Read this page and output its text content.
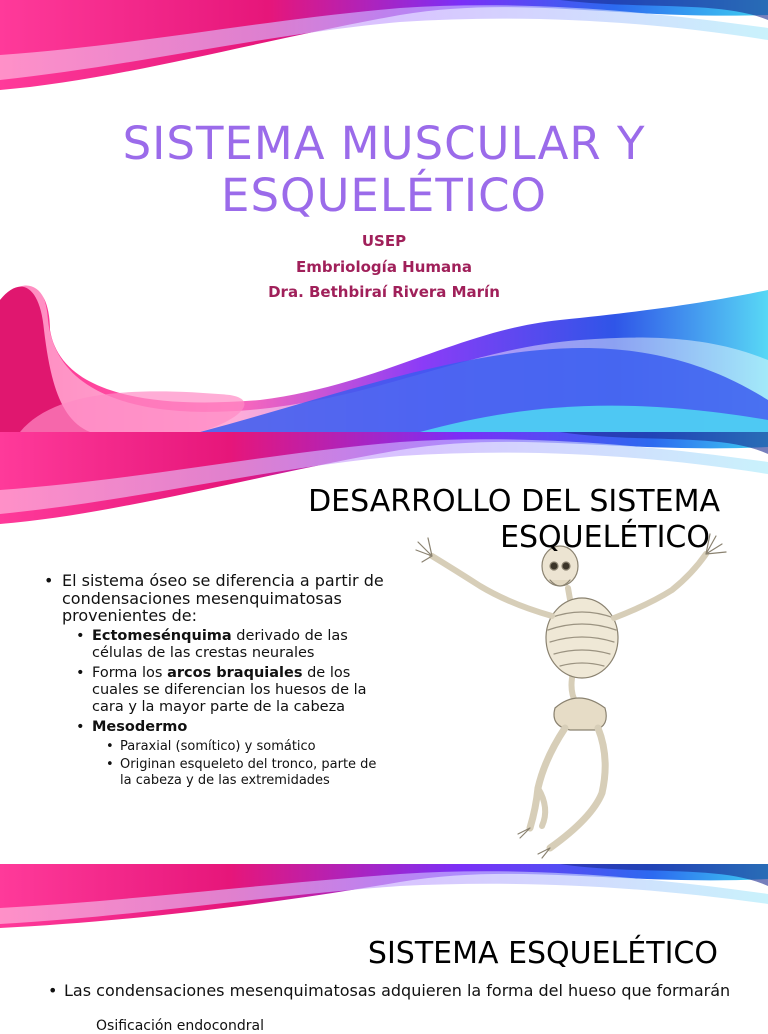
SISTEMA MUSCULAR Y
ESQUELÉTICO
USEP
Embriología Humana
Dra. Bethbiraí Rivera Marín
DESARROLLO DEL SISTEMA
ESQUELÉTICO
• El sistema óseo se diferencia a partir de condensaciones mesenquimatosas provenientes de:
• Ectomesénquima derivado de las células de las crestas neurales
• Forma los arcos braquiales de los cuales se diferencian los huesos de la cara y la mayor parte de la cabeza
• Mesodermo
• Paraxial (somítico) y somático
• Originan esqueleto del tronco, parte de la cabeza y de las extremidades
SISTEMA ESQUELÉTICO
• Las condensaciones mesenquimatosas adquieren la forma del hueso que formarán
Osificación endocondral
